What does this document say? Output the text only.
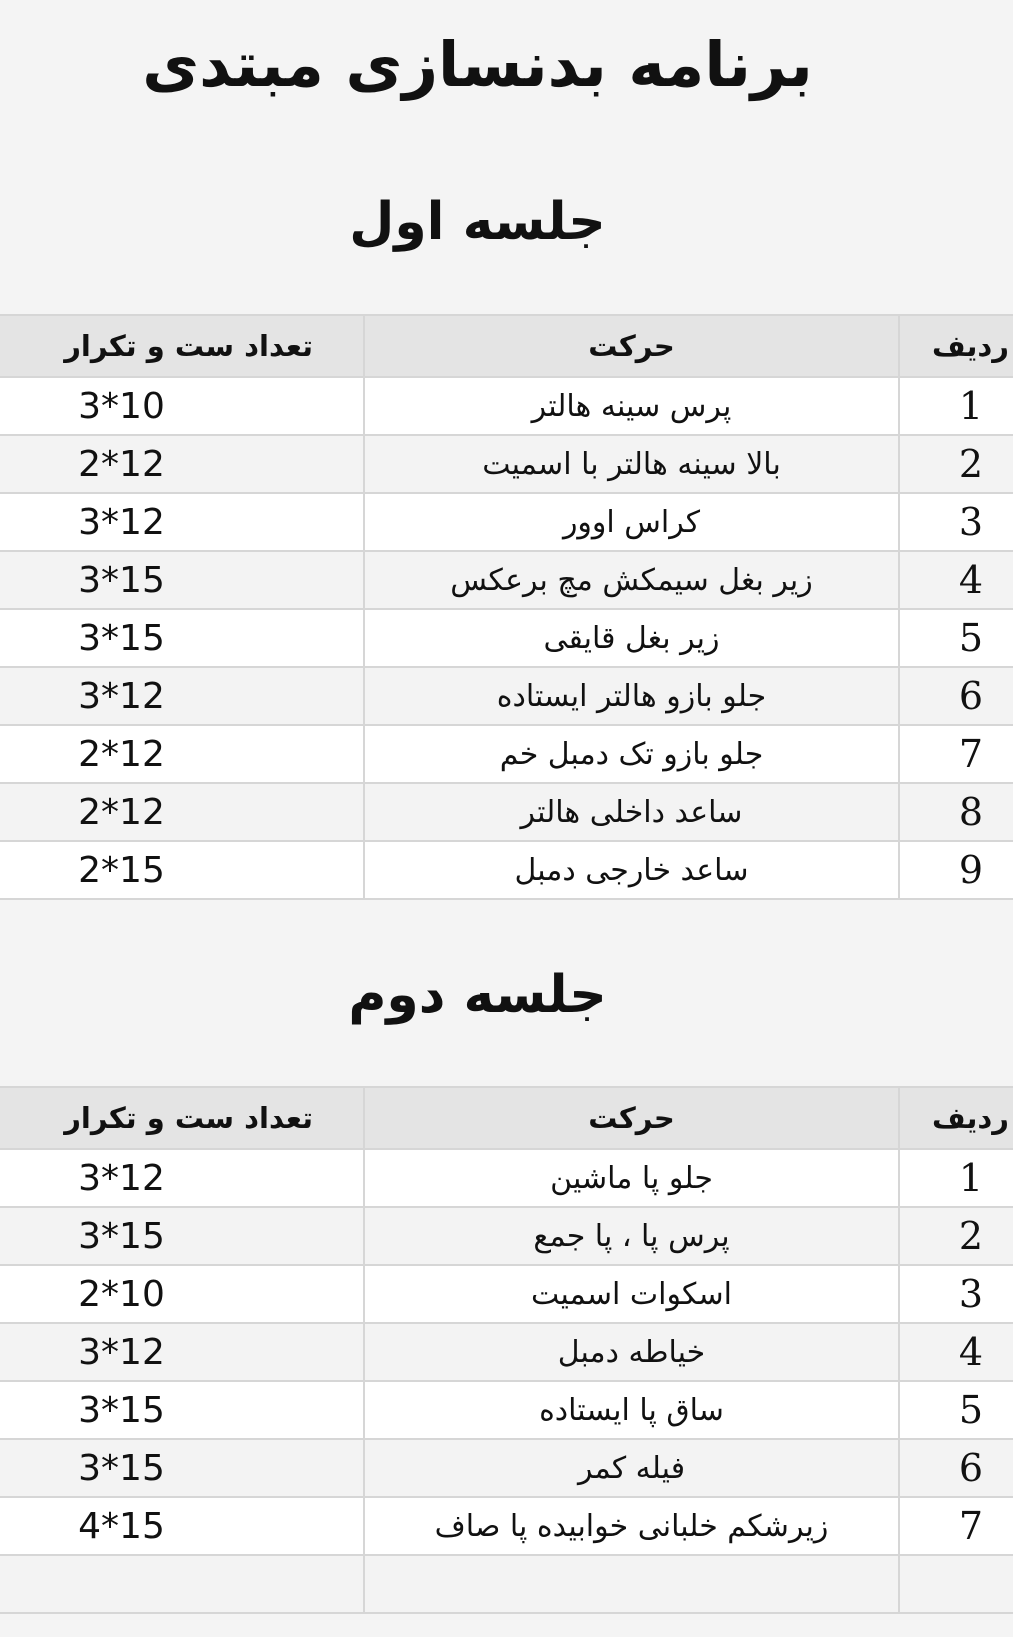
برنامه بدنسازی مبتدی
جلسه اول
تعداد ست و تکرار	حرکت	ردیف
3*10	پرس سینه هالتر	1
2*12	بالا سینه هالتر با اسمیت	2
3*12	کراس اوور	3
3*15	زیر بغل سیمکش مچ برعکس	4
3*15	زیر بغل قایقی	5
3*12	جلو بازو هالتر ایستاده	6
2*12	جلو بازو تک دمبل خم	7
2*12	ساعد داخلی هالتر	8
2*15	ساعد خارجی دمبل	9
جلسه دوم
تعداد ست و تکرار	حرکت	ردیف
3*12	جلو پا ماشین	1
3*15	پرس پا ، پا جمع	2
2*10	اسکوات اسمیت	3
3*12	خیاطه دمبل	4
3*15	ساق پا ایستاده	5
3*15	فیله کمر	6
4*15	زیرشکم خلبانی خوابیده پا صاف	7
